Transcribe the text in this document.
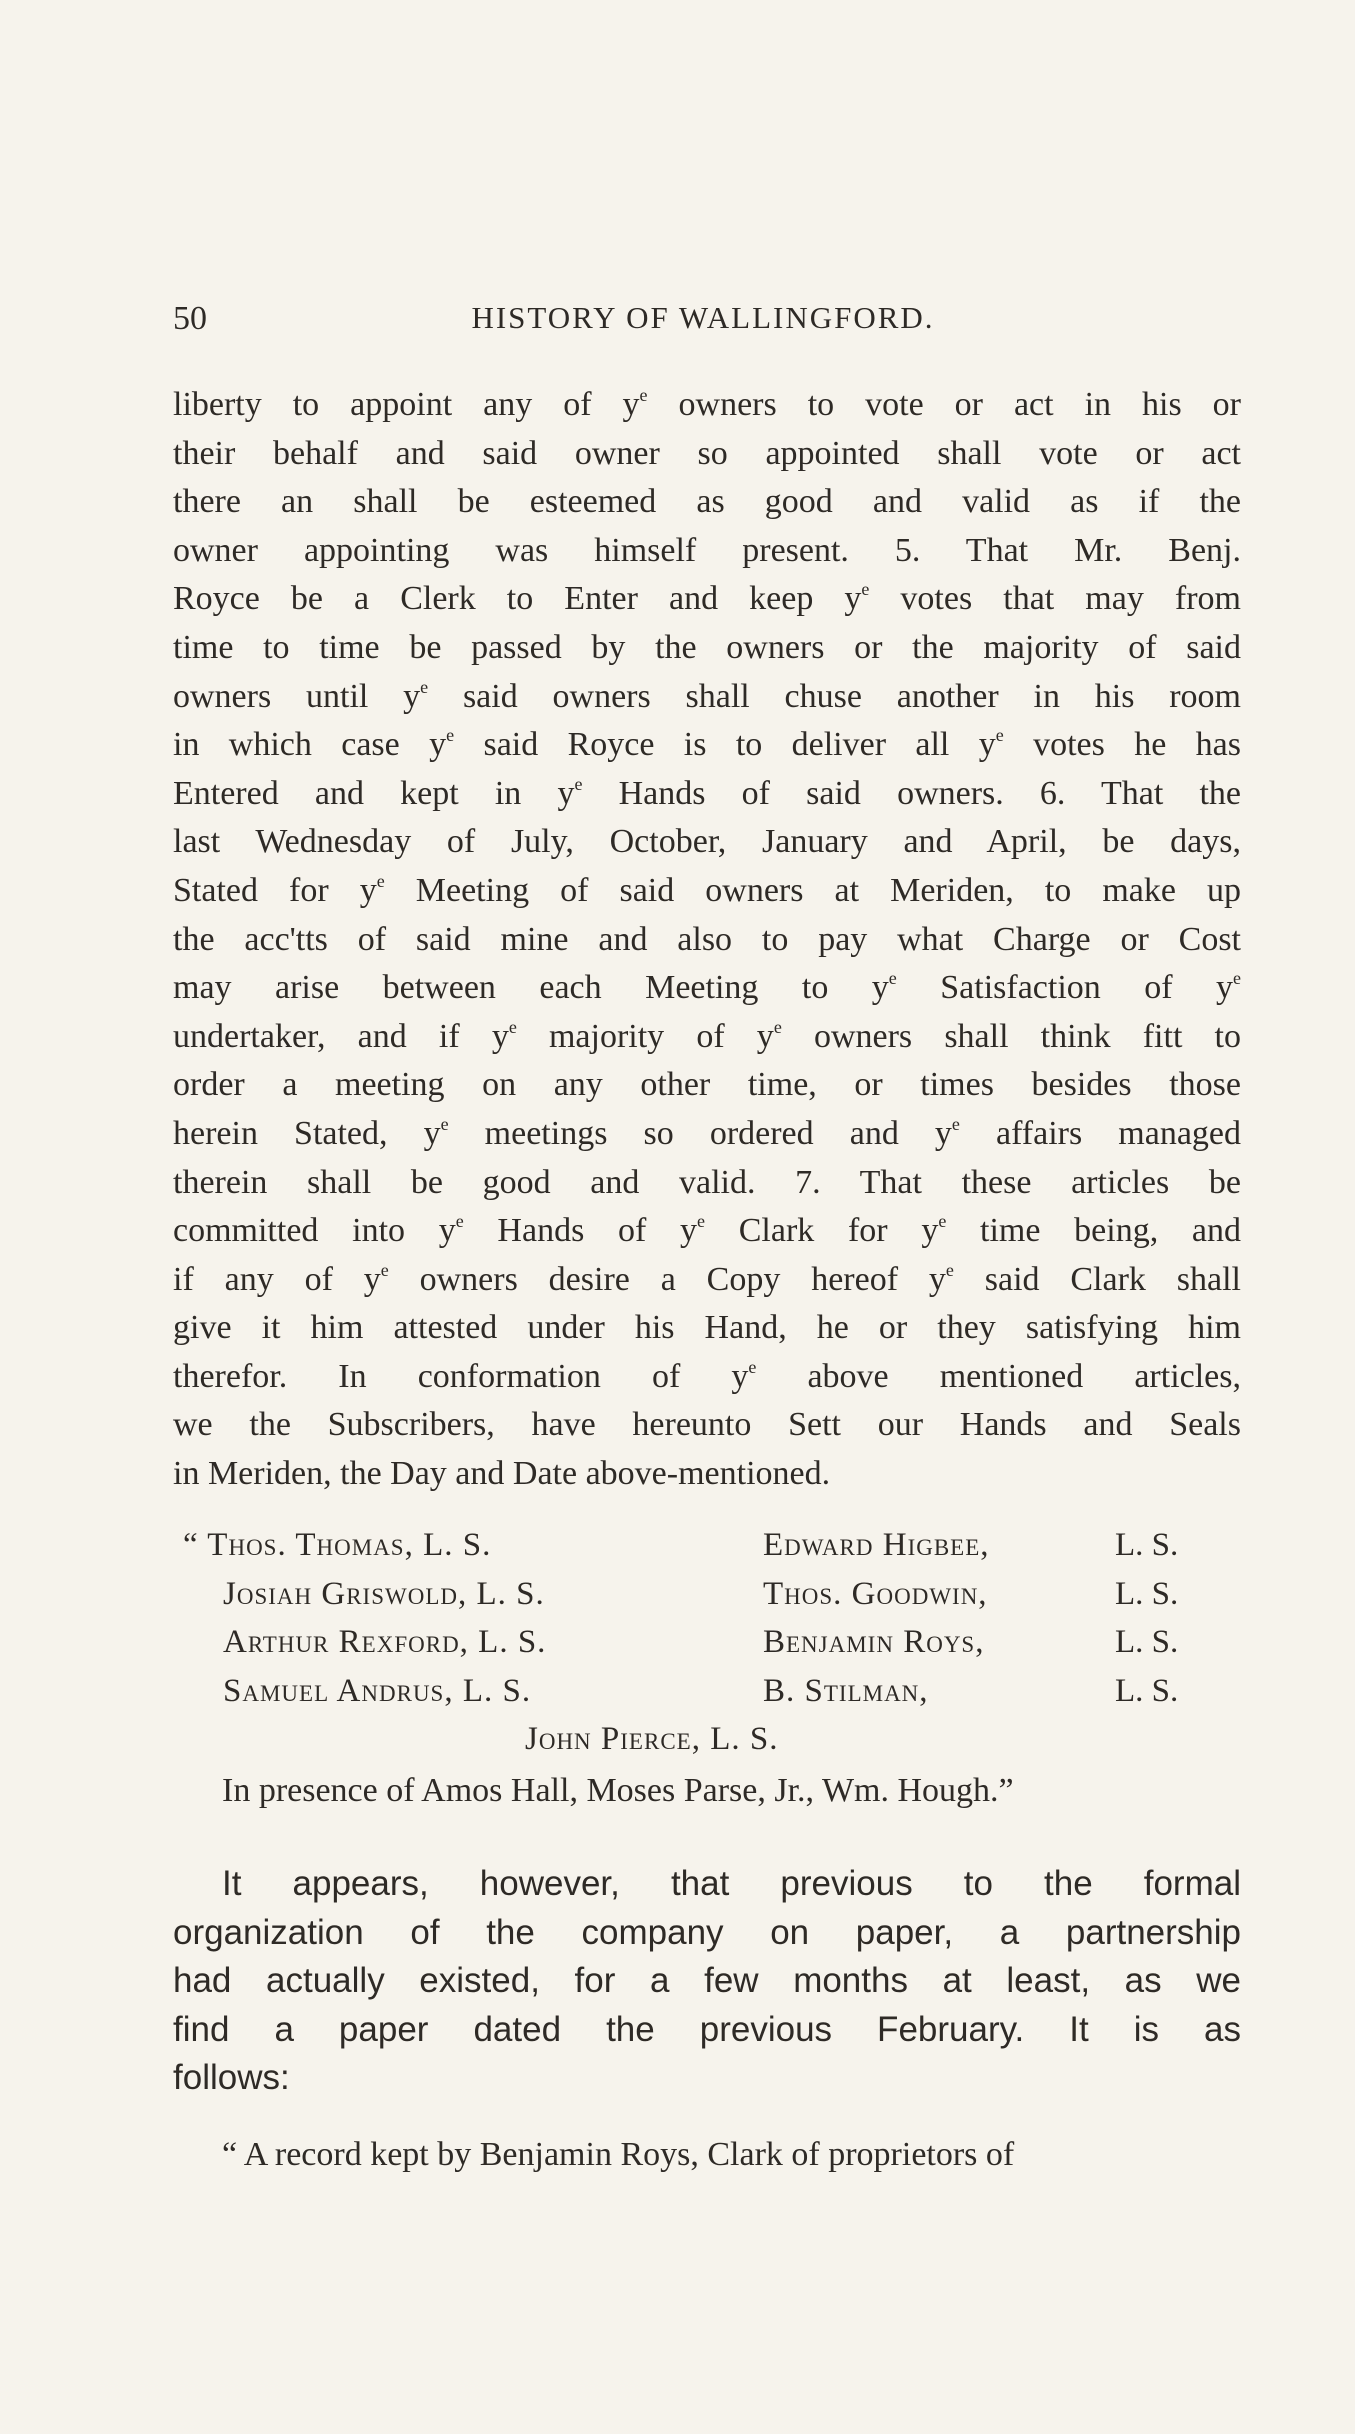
50	HISTORY OF WALLINGFORD.
liberty to appoint any of $y^e$ owners to vote or act in his or
their behalf and said owner so appointed shall vote or act
there an shall be esteemed as good and valid as if the
owner appointing was himself present. 5. That Mr. Benj.
Royce be a Clerk to Enter and keep $y^e$ votes that may from
time to time be passed by the owners or the majority of said
owners until $y^e$ said owners shall chuse another in his room
in which case $y^e$ said Royce is to deliver all $y^e$ votes he has
Entered and kept in $y^e$ Hands of said owners. 6. That the
last Wednesday of July, October, January and April, be days,
Stated for $y^e$ Meeting of said owners at Meriden, to make up
the acc'tts of said mine and also to pay what Charge or Cost
may arise between each Meeting to $y^e$ Satisfaction of $y^e$
undertaker, and if $y^e$ majority of $y^e$ owners shall think fitt to
order a meeting on any other time, or times besides those
herein Stated, $y^e$ meetings so ordered and $y^e$ affairs managed
therein shall be good and valid. 7. That these articles be
committed into $y^e$ Hands of $y^e$ Clark for $y^e$ time being, and
if any of $y^e$ owners desire a Copy hereof $y^e$ said Clark shall
give it him attested under his Hand, he or they satisfying him
therefor. In conformation of $y^e$ above mentioned articles,
we the Subscribers, have hereunto Sett our Hands and Seals
in Meriden, the Day and Date above-mentioned.
“ Thos. Thomas, L. S.	Edward Higbee,	L. S.
Josiah Griswold, L. S.	Thos. Goodwin,	L. S.
Arthur Rexford, L. S.	Benjamin Roys,	L. S.
Samuel Andrus, L. S.	B. Stilman,	L. S.
John Pierce, L. S.
In presence of Amos Hall, Moses Parse, Jr., Wm. Hough.”
It appears, however, that previous to the formal
organization of the company on paper, a partnership
had actually existed, for a few months at least, as we
find a paper dated the previous February. It is as
follows:
“ A record kept by Benjamin Roys, Clark of proprietors of
